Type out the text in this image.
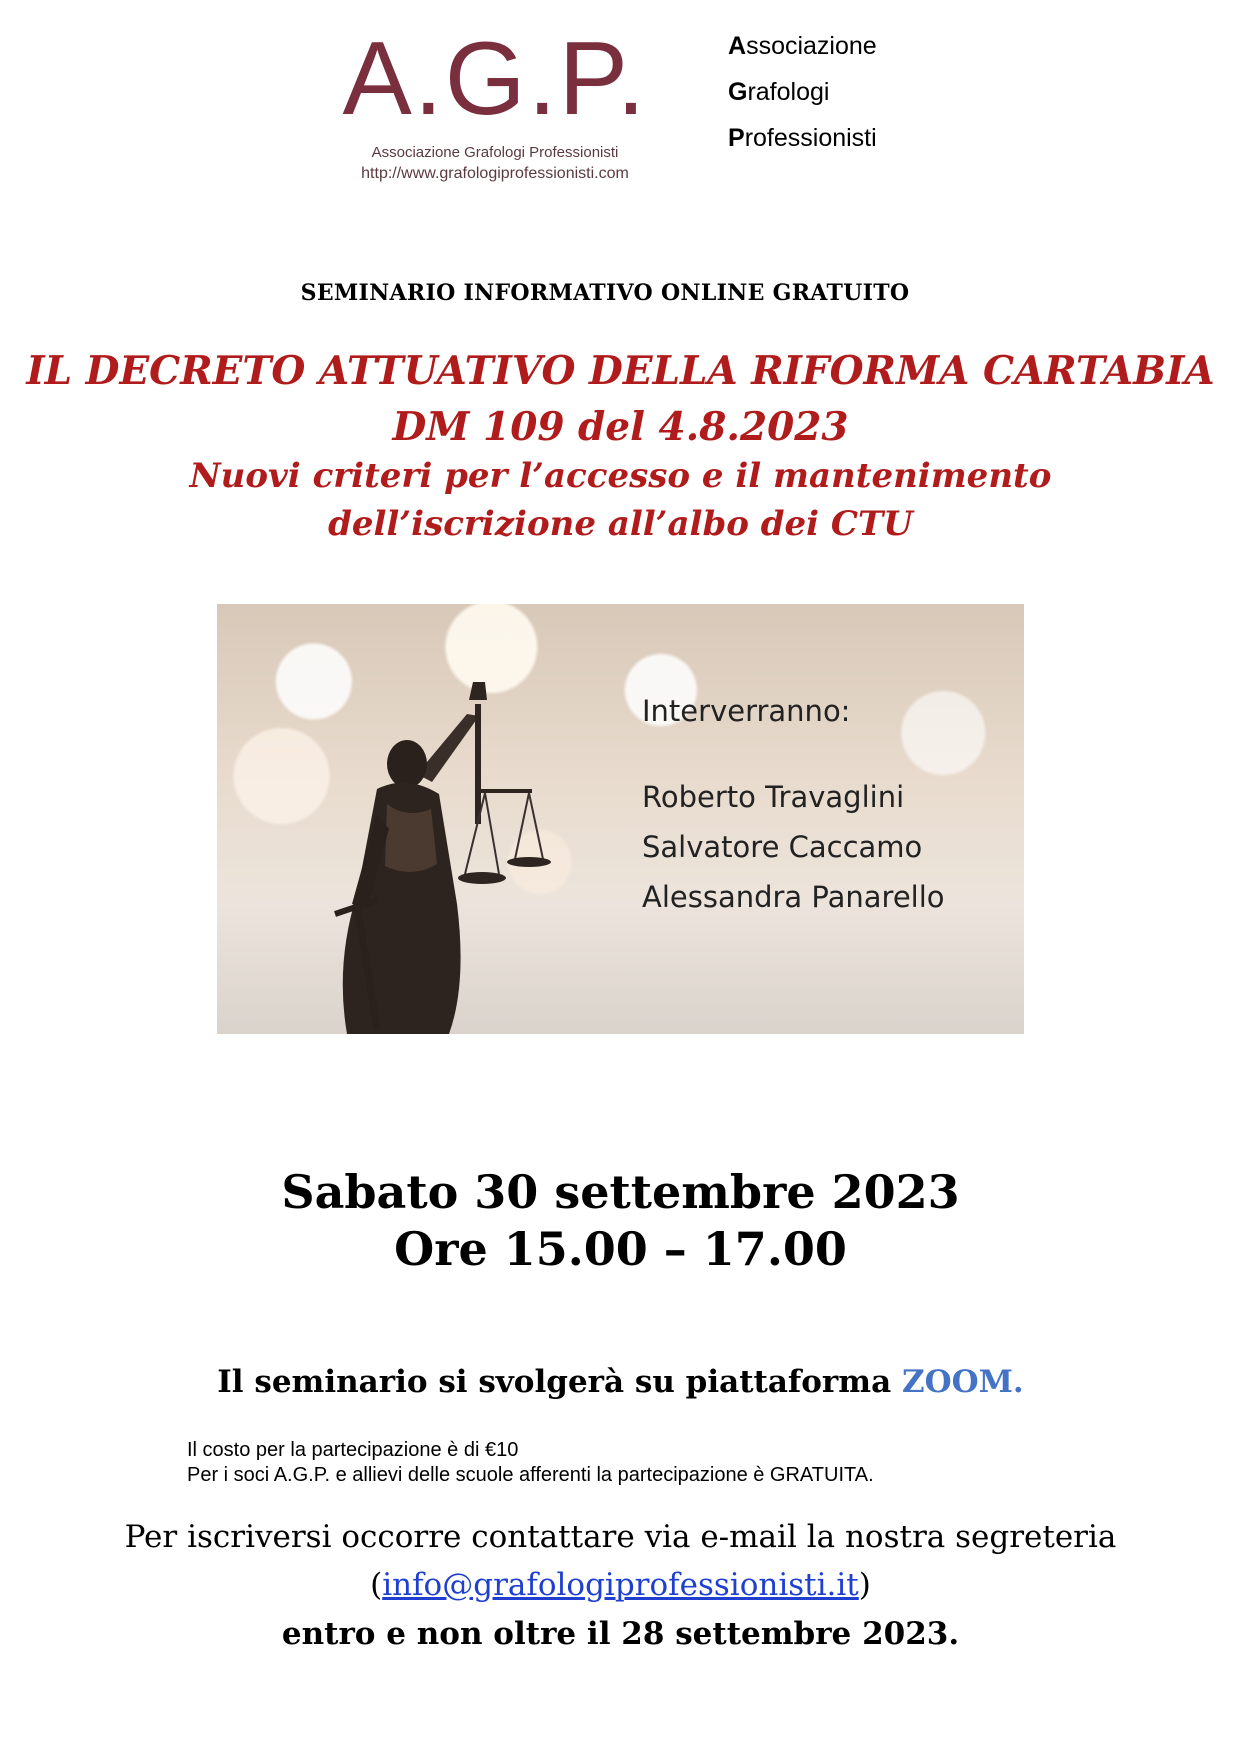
A.G.P.
Associazione Grafologi Professionisti
http://www.grafologiprofessionisti.com
Associazione
Grafologi
Professionisti
SEMINARIO INFORMATIVO ONLINE GRATUITO
IL DECRETO ATTUATIVO DELLA RIFORMA CARTABIA
DM 109 del 4.8.2023
Nuovi criteri per l’accesso e il mantenimento
dell’iscrizione all’albo dei CTU
Interverranno:
Roberto Travaglini
Salvatore Caccamo
Alessandra Panarello
Sabato 30 settembre 2023
Ore 15.00 – 17.00
Il seminario si svolgerà su piattaforma ZOOM.
Il costo per la partecipazione è di €10
Per i soci A.G.P. e allievi delle scuole afferenti la partecipazione è GRATUITA.
Per iscriversi occorre contattare via e-mail la nostra segreteria
(info@grafologiprofessionisti.it)
entro e non oltre il 28 settembre 2023.
